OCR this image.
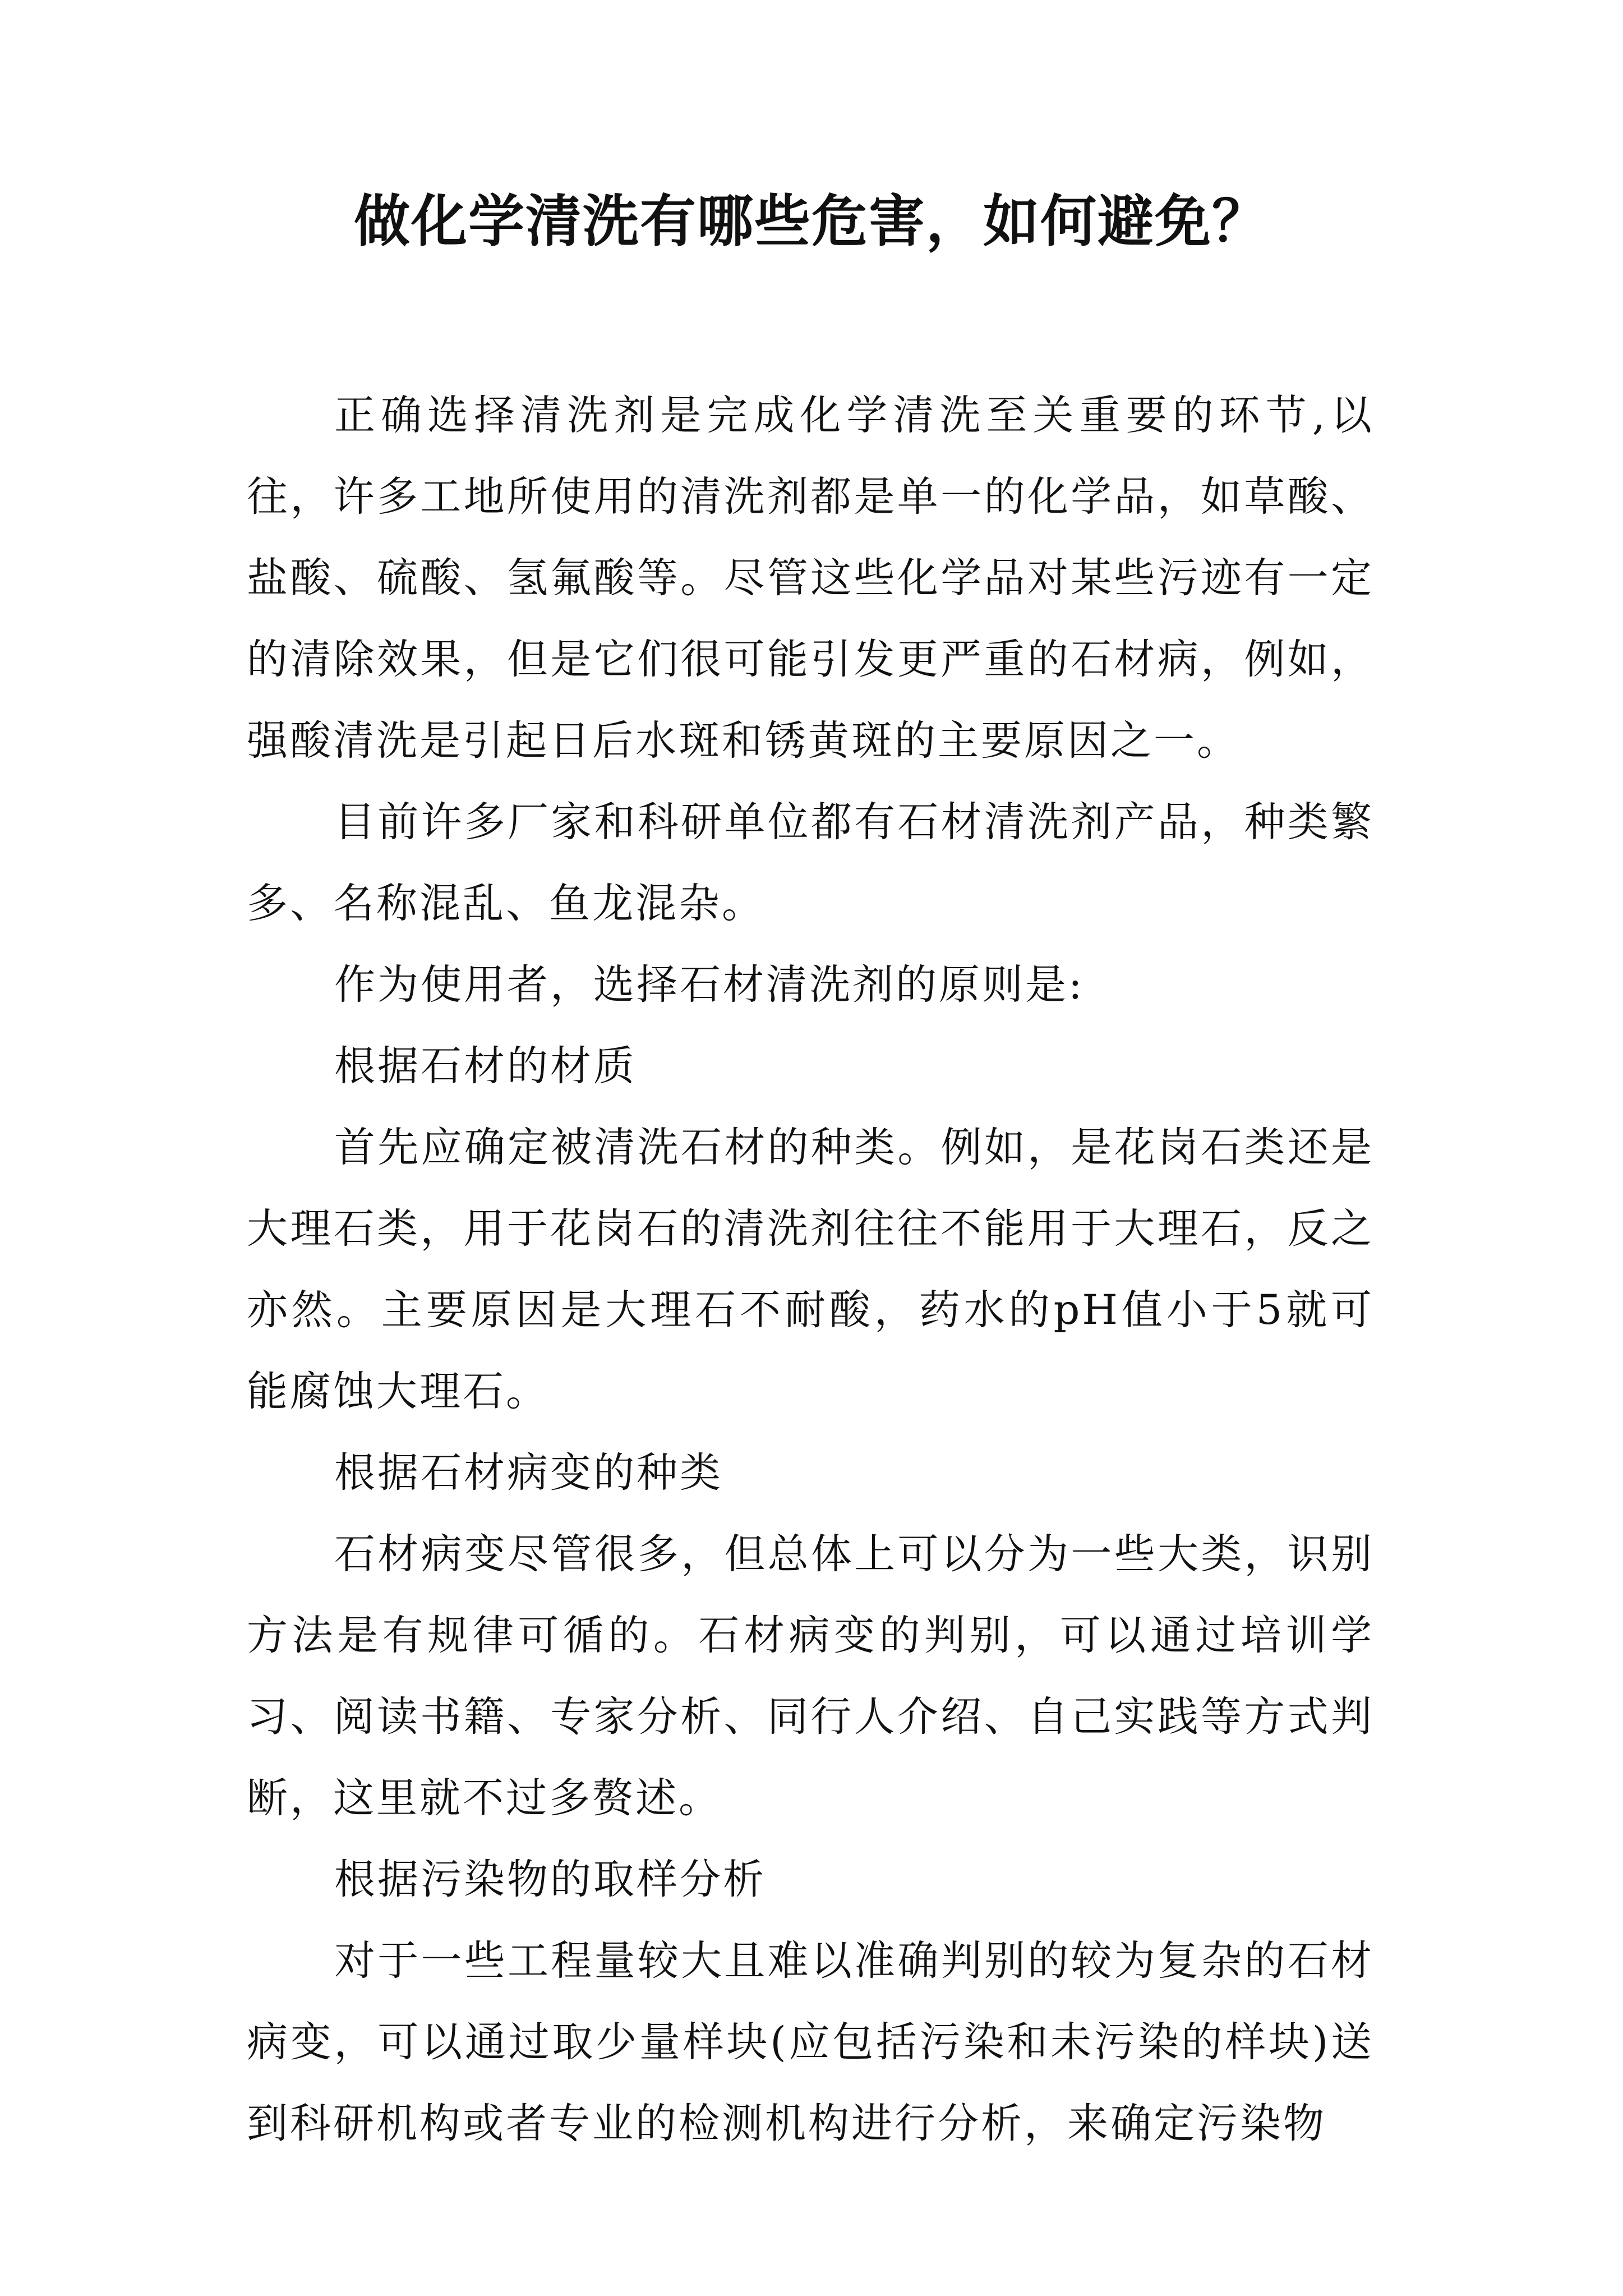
做化学清洗有哪些危害，如何避免？

正确选择清洗剂是完成化学清洗至关重要的环节,以往，许多工地所使用的清洗剂都是单一的化学品，如草酸、盐酸、硫酸、氢氟酸等。尽管这些化学品对某些污迹有一定的清除效果，但是它们很可能引发更严重的石材病，例如，强酸清洗是引起日后水斑和锈黄斑的主要原因之一。

目前许多厂家和科研单位都有石材清洗剂产品，种类繁多、名称混乱、鱼龙混杂。

作为使用者，选择石材清洗剂的原则是:

根据石材的材质

首先应确定被清洗石材的种类。例如，是花岗石类还是大理石类，用于花岗石的清洗剂往往不能用于大理石，反之亦然。主要原因是大理石不耐酸，药水的pH值小于5就可能腐蚀大理石。

根据石材病变的种类

石材病变尽管很多，但总体上可以分为一些大类，识别方法是有规律可循的。石材病变的判别，可以通过培训学习、阅读书籍、专家分析、同行人介绍、自己实践等方式判断，这里就不过多赘述。

根据污染物的取样分析

对于一些工程量较大且难以准确判别的较为复杂的石材病变，可以通过取少量样块(应包括污染和未污染的样块)送到科研机构或者专业的检测机构进行分析，来确定污染物
